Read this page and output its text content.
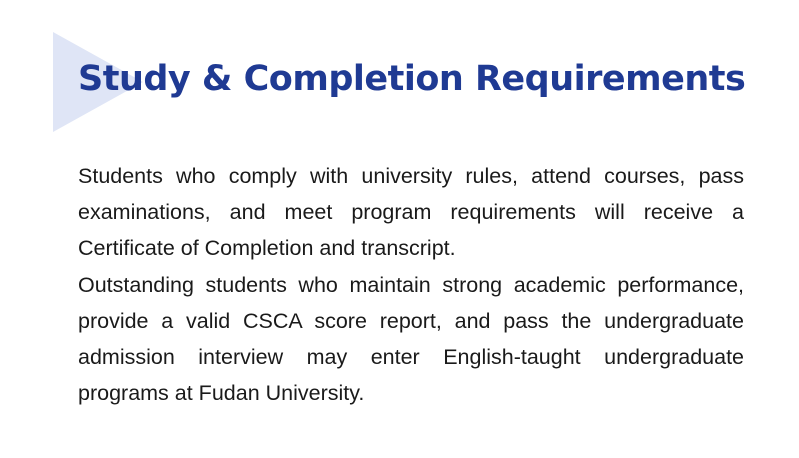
Study & Completion Requirements

Students who comply with university rules, attend courses, pass examinations, and meet program requirements will receive a Certificate of Completion and transcript.

Outstanding students who maintain strong academic performance, provide a valid CSCA score report, and pass the undergraduate admission interview may enter English-taught undergraduate programs at Fudan University.
